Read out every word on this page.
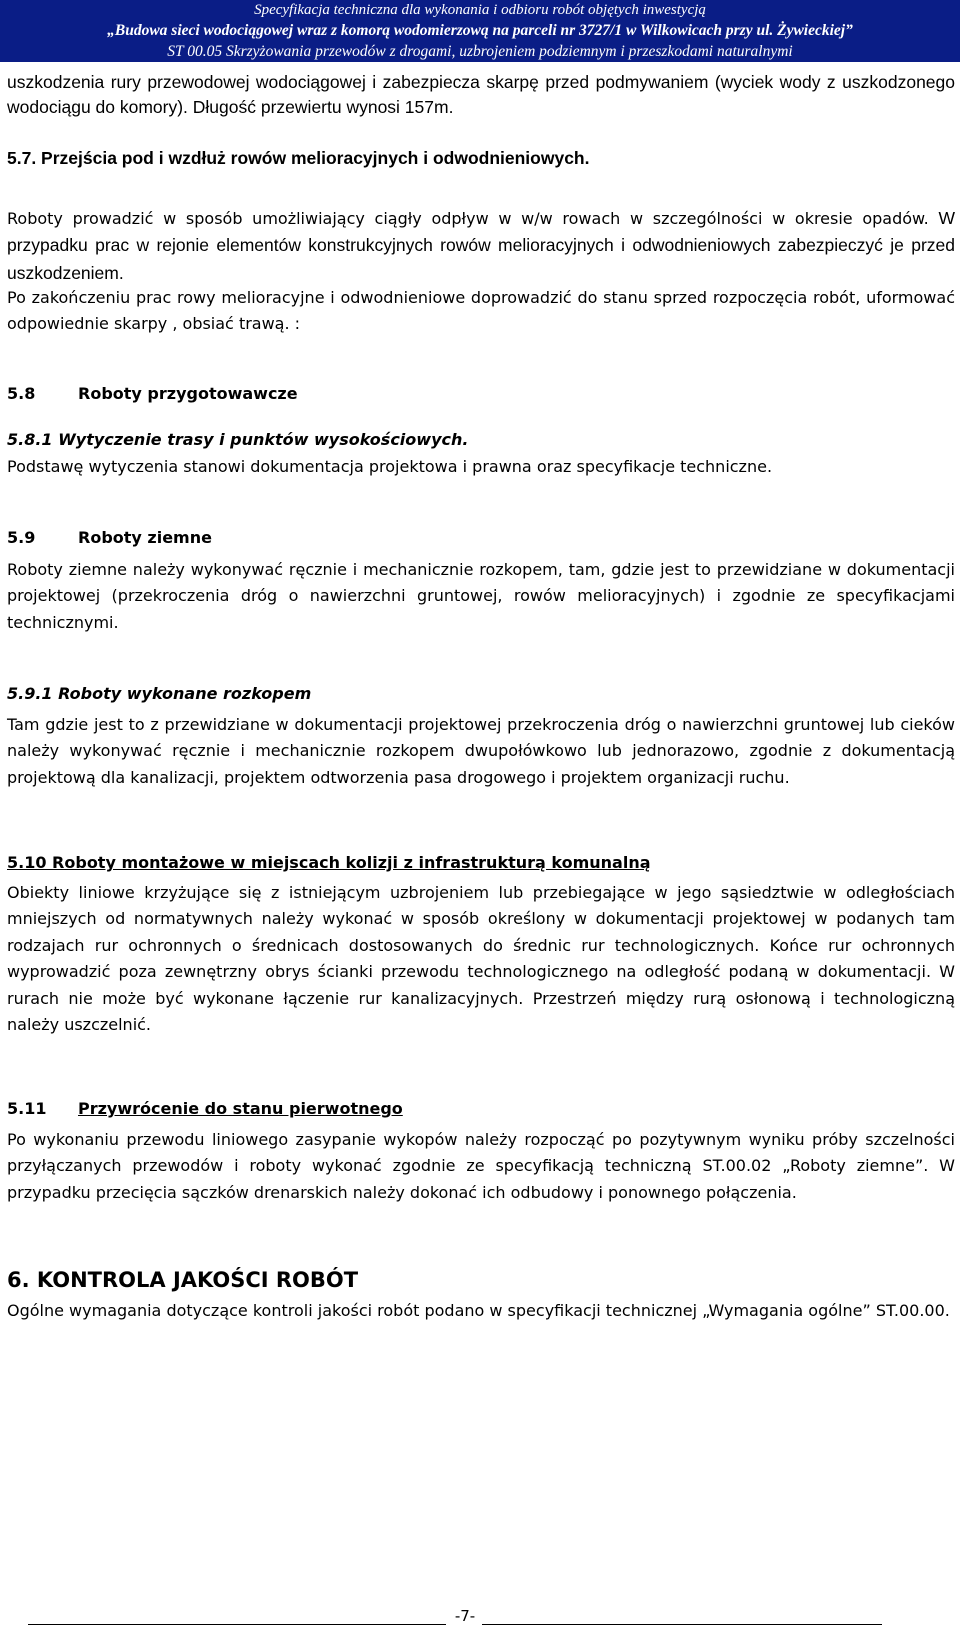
Specyfikacja techniczna dla wykonania i odbioru robót objętych inwestycją
„Budowa sieci wodociągowej wraz z komorą wodomierzową na parceli nr 3727/1 w Wilkowicach przy ul. Żywieckiej”
ST 00.05 Skrzyżowania przewodów z drogami, uzbrojeniem podziemnym i przeszkodami naturalnymi
uszkodzenia rury przewodowej wodociągowej i zabezpiecza skarpę przed podmywaniem (wyciek wody z uszkodzonego wodociągu do komory). Długość przewiertu wynosi 157m.
5.7. Przejścia pod i wzdłuż rowów melioracyjnych i odwodnieniowych.
Roboty prowadzić w sposób umożliwiający ciągły odpływ w w/w rowach w szczególności w okresie opadów. W przypadku prac w rejonie elementów konstrukcyjnych rowów melioracyjnych i odwodnieniowych zabezpieczyć je przed uszkodzeniem.
Po zakończeniu prac rowy melioracyjne i odwodnieniowe doprowadzić do stanu sprzed rozpoczęcia robót, uformować odpowiednie skarpy , obsiać trawą. :
5.8	Roboty przygotowawcze
5.8.1 Wytyczenie trasy i punktów wysokościowych.
Podstawę wytyczenia stanowi dokumentacja projektowa i prawna oraz specyfikacje techniczne.
5.9	Roboty ziemne
Roboty ziemne należy wykonywać ręcznie i mechanicznie rozkopem, tam, gdzie jest to przewidziane w dokumentacji projektowej (przekroczenia dróg o nawierzchni gruntowej, rowów melioracyjnych) i zgodnie ze specyfikacjami technicznymi.
5.9.1 Roboty wykonane rozkopem
Tam gdzie jest to z przewidziane w dokumentacji projektowej przekroczenia dróg o nawierzchni gruntowej lub cieków należy wykonywać ręcznie i mechanicznie rozkopem dwupołówkowo lub jednorazowo, zgodnie z dokumentacją projektową dla kanalizacji, projektem odtworzenia pasa drogowego i projektem organizacji ruchu.
5.10 Roboty montażowe w miejscach kolizji z infrastrukturą komunalną
Obiekty liniowe krzyżujące się z istniejącym uzbrojeniem lub przebiegające w jego sąsiedztwie w odległościach mniejszych od normatywnych należy wykonać w sposób określony w dokumentacji projektowej w podanych tam rodzajach rur ochronnych o średnicach dostosowanych do średnic rur technologicznych. Końce rur ochronnych wyprowadzić poza zewnętrzny obrys ścianki przewodu technologicznego na odległość podaną w dokumentacji. W rurach nie może być wykonane łączenie rur kanalizacyjnych. Przestrzeń między rurą osłonową i technologiczną należy uszczelnić.
5.11 Przywrócenie do stanu pierwotnego
Po wykonaniu przewodu liniowego zasypanie wykopów należy rozpocząć po pozytywnym wyniku próby szczelności przyłączanych przewodów i roboty wykonać zgodnie ze specyfikacją techniczną ST.00.02 „Roboty ziemne”. W przypadku przecięcia sączków drenarskich należy dokonać ich odbudowy i ponownego połączenia.
6. KONTROLA JAKOŚCI ROBÓT
Ogólne wymagania dotyczące kontroli jakości robót podano w specyfikacji technicznej „Wymagania ogólne” ST.00.00.
-7-
